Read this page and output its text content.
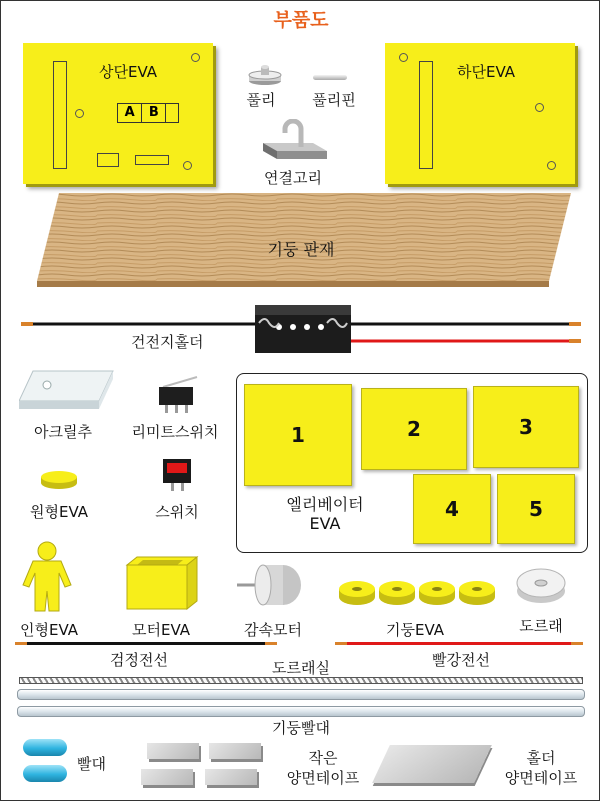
부품도
A	B
상단EVA	하단EVA
풀리 풀리핀
연결고리
기둥 판재
건전지홀더
아크릴추	리미트스위치
원형EVA	스위치
1	2	3
4	5
엘리베이터
EVA
인형EVA	모터EVA	감속모터	기둥EVA	도르래
검정전선	빨강전선
도르래실
기둥빨대
빨대	작은
양면테이프
홀더
양면테이프
